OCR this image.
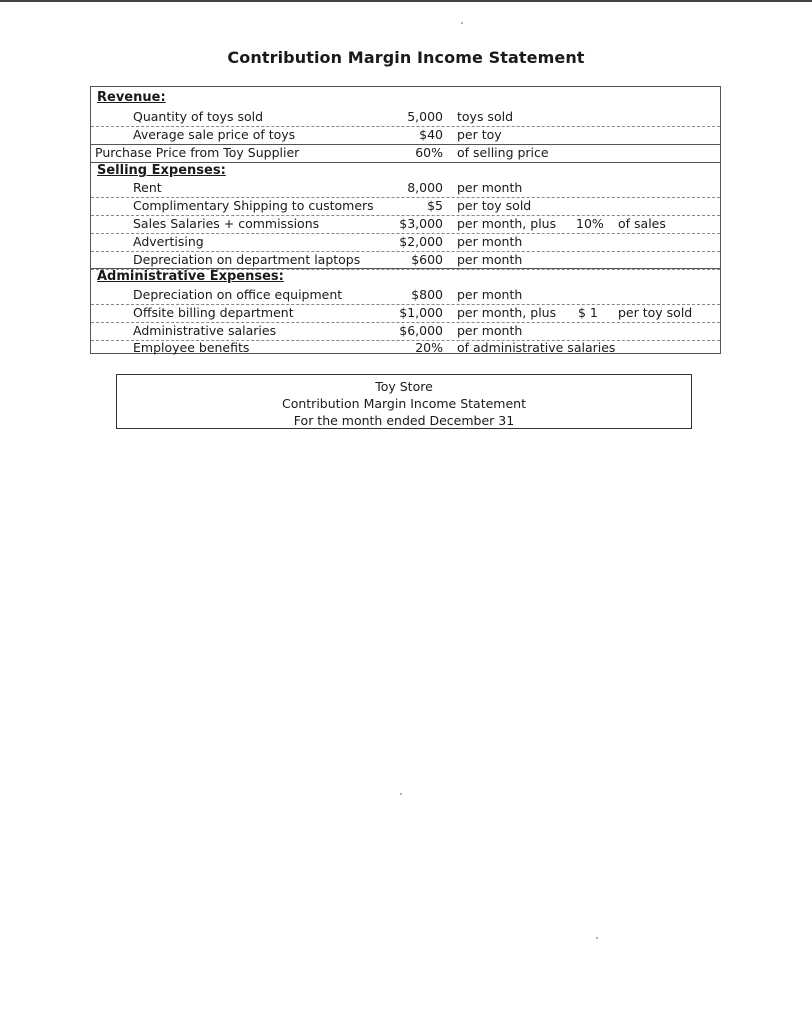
Contribution Margin Income Statement
Revenue:
Quantity of toys sold	5,000 toys sold
Average sale price of toys	$40 per toy
Purchase Price from Toy Supplier	60% of selling price
Selling Expenses:
Rent	8,000 per month
Complimentary Shipping to customers	$5 per toy sold
Sales Salaries + commissions	$3,000 per month, plus 10% of sales
Advertising	$2,000 per month
Depreciation on department laptops	$600 per month
Administrative Expenses:
Depreciation on office equipment	$800 per month
Offsite billing department	$1,000 per month, plus $ 1 per toy sold
Administrative salaries	$6,000 per month
Employee benefits	20% of administrative salaries
Toy Store
Contribution Margin Income Statement
For the month ended December 31
